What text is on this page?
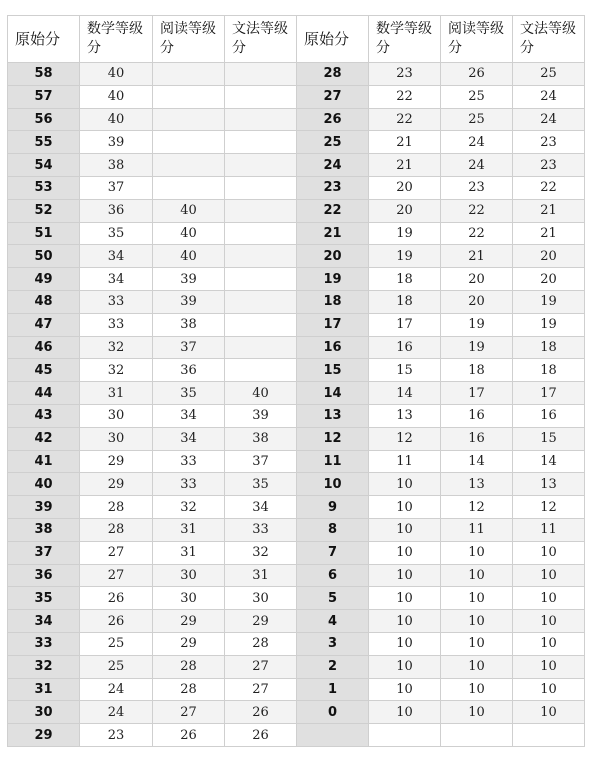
原始分	数学等级分	阅读等级分	文法等级分	原始分	数学等级分	阅读等级分	文法等级分
58	40			28	23	26	25
57	40			27	22	25	24
56	40			26	22	25	24
55	39			25	21	24	23
54	38			24	21	24	23
53	37			23	20	23	22
52	36	40		22	20	22	21
51	35	40		21	19	22	21
50	34	40		20	19	21	20
49	34	39		19	18	20	20
48	33	39		18	18	20	19
47	33	38		17	17	19	19
46	32	37		16	16	19	18
45	32	36		15	15	18	18
44	31	35	40	14	14	17	17
43	30	34	39	13	13	16	16
42	30	34	38	12	12	16	15
41	29	33	37	11	11	14	14
40	29	33	35	10	10	13	13
39	28	32	34	9	10	12	12
38	28	31	33	8	10	11	11
37	27	31	32	7	10	10	10
36	27	30	31	6	10	10	10
35	26	30	30	5	10	10	10
34	26	29	29	4	10	10	10
33	25	29	28	3	10	10	10
32	25	28	27	2	10	10	10
31	24	28	27	1	10	10	10
30	24	27	26	0	10	10	10
29	23	26	26				
